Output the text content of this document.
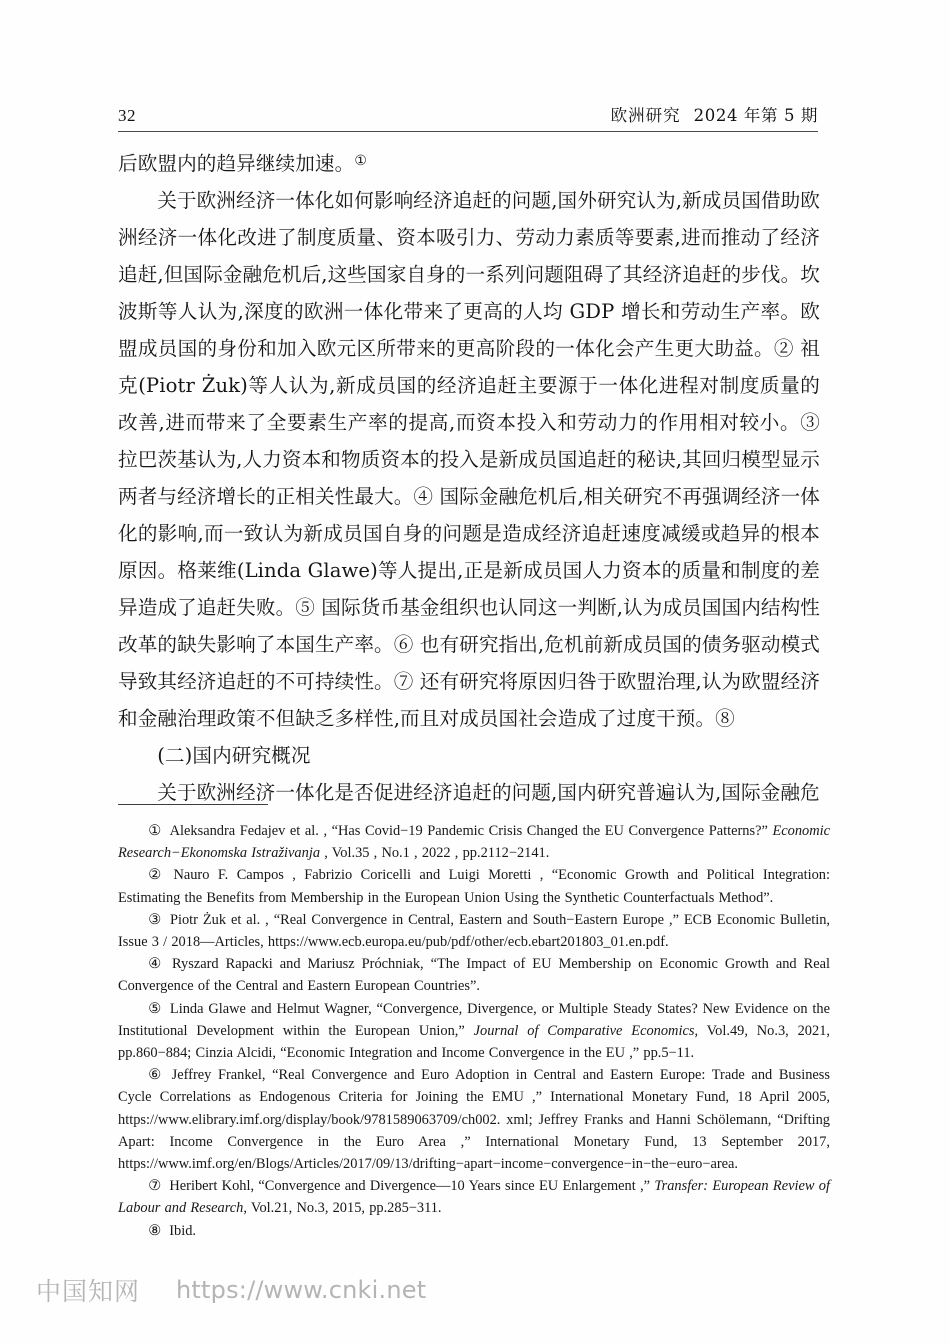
32	欧洲研究 2024 年第 5 期

后欧盟内的趋异继续加速。①

关于欧洲经济一体化如何影响经济追赶的问题,国外研究认为,新成员国借助欧洲经济一体化改进了制度质量、资本吸引力、劳动力素质等要素,进而推动了经济追赶,但国际金融危机后,这些国家自身的一系列问题阻碍了其经济追赶的步伐。坎波斯等人认为,深度的欧洲一体化带来了更高的人均 GDP 增长和劳动生产率。欧盟成员国的身份和加入欧元区所带来的更高阶段的一体化会产生更大助益。② 祖克(Piotr Żuk)等人认为,新成员国的经济追赶主要源于一体化进程对制度质量的改善,进而带来了全要素生产率的提高,而资本投入和劳动力的作用相对较小。③ 拉巴茨基认为,人力资本和物质资本的投入是新成员国追赶的秘诀,其回归模型显示两者与经济增长的正相关性最大。④ 国际金融危机后,相关研究不再强调经济一体化的影响,而一致认为新成员国自身的问题是造成经济追赶速度减缓或趋异的根本原因。格莱维(Linda Glawe)等人提出,正是新成员国人力资本的质量和制度的差异造成了追赶失败。⑤ 国际货币基金组织也认同这一判断,认为成员国国内结构性改革的缺失影响了本国生产率。⑥ 也有研究指出,危机前新成员国的债务驱动模式导致其经济追赶的不可持续性。⑦ 还有研究将原因归咎于欧盟治理,认为欧盟经济和金融治理政策不但缺乏多样性,而且对成员国社会造成了过度干预。⑧

(二)国内研究概况

关于欧洲经济一体化是否促进经济追赶的问题,国内研究普遍认为,国际金融危

① Aleksandra Fedajev et al. , “Has Covid−19 Pandemic Crisis Changed the EU Convergence Patterns?” Economic Research−Ekonomska Istraživanja , Vol.35 , No.1 , 2022 , pp.2112−2141.

② Nauro F. Campos , Fabrizio Coricelli and Luigi Moretti , “Economic Growth and Political Integration: Estimating the Benefits from Membership in the European Union Using the Synthetic Counterfactuals Method”.

③ Piotr Żuk et al. , “Real Convergence in Central, Eastern and South−Eastern Europe ,” ECB Economic Bulletin, Issue 3 / 2018—Articles, https://www.ecb.europa.eu/pub/pdf/other/ecb.ebart201803_01.en.pdf.

④ Ryszard Rapacki and Mariusz Próchniak, “The Impact of EU Membership on Economic Growth and Real Convergence of the Central and Eastern European Countries”.

⑤ Linda Glawe and Helmut Wagner, “Convergence, Divergence, or Multiple Steady States? New Evidence on the Institutional Development within the European Union,” Journal of Comparative Economics, Vol.49, No.3, 2021, pp.860−884; Cinzia Alcidi, “Economic Integration and Income Convergence in the EU ,” pp.5−11.

⑥ Jeffrey Frankel, “Real Convergence and Euro Adoption in Central and Eastern Europe: Trade and Business Cycle Correlations as Endogenous Criteria for Joining the EMU ,” International Monetary Fund, 18 April 2005, https://www.elibrary.imf.org/display/book/9781589063709/ch002. xml; Jeffrey Franks and Hanni Schölemann, “Drifting Apart: Income Convergence in the Euro Area ,” International Monetary Fund, 13 September 2017, https://www.imf.org/en/Blogs/Articles/2017/09/13/drifting−apart−income−convergence−in−the−euro−area.

⑦ Heribert Kohl, “Convergence and Divergence—10 Years since EU Enlargement ,” Transfer: European Review of Labour and Research, Vol.21, No.3, 2015, pp.285−311.

⑧ Ibid.

中国知网 https://www.cnki.net
